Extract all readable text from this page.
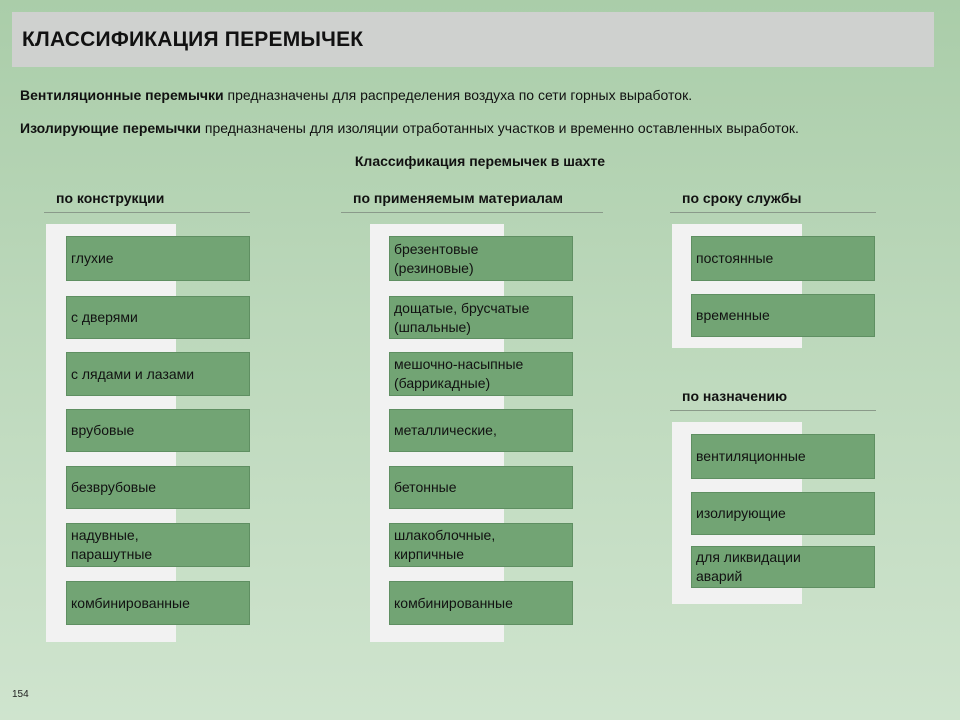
КЛАССИФИКАЦИЯ ПЕРЕМЫЧЕК
Вентиляционные перемычки предназначены для распределения воздуха по сети горных выработок.
Изолирующие перемычки предназначены для изоляции отработанных участков и временно оставленных выработок.
Классификация перемычек в шахте
по конструкции
глухие
с дверями
с лядами и лазами
врубовые
безврубовые
надувные,
парашутные
комбинированные
по применяемым материалам
брезентовые
(резиновые)
дощатые, брусчатые
(шпальные)
мешочно-насыпные
(баррикадные)
металлические,
бетонные
шлакоблочные,
кирпичные
комбинированные
по сроку службы
постоянные
временные
по назначению
вентиляционные
изолирующие
для ликвидации
аварий
154
